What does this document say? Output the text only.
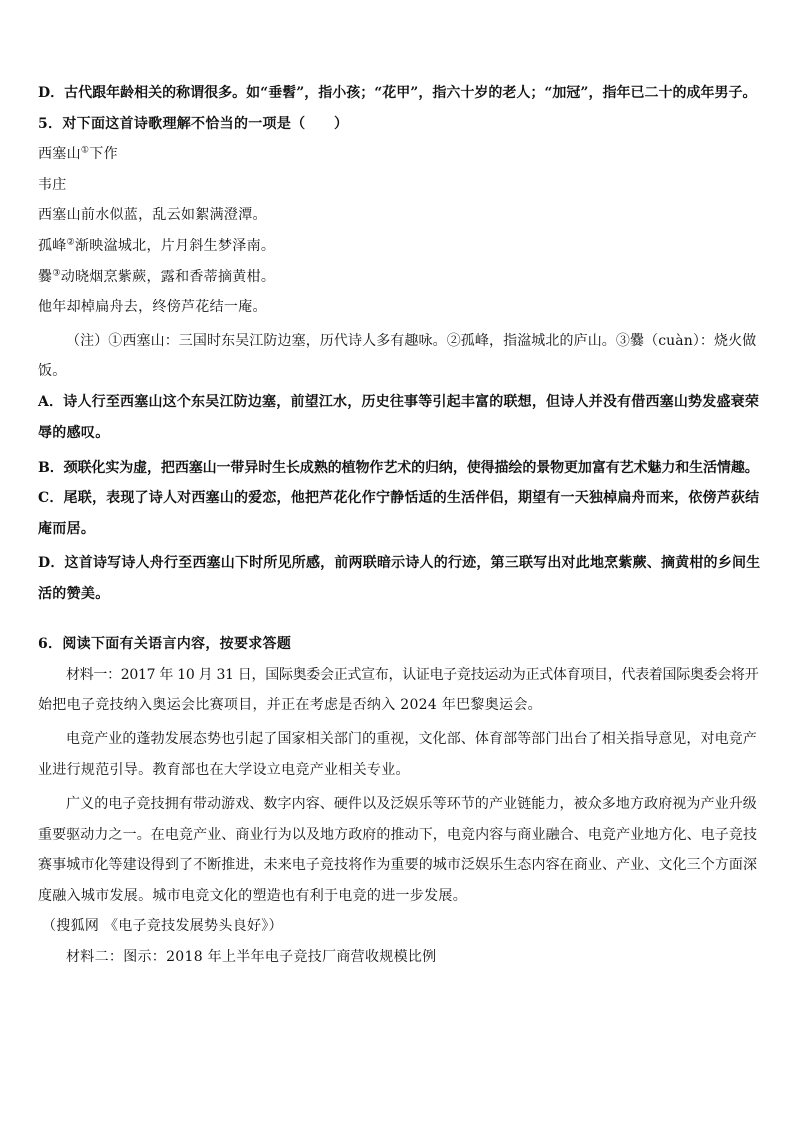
D．古代跟年龄相关的称谓很多。如“垂髫”，指小孩；“花甲”，指六十岁的老人；“加冠”，指年已二十的成年男子。
5．对下面这首诗歌理解不恰当的一项是（　　）
西塞山①下作
韦庄
西塞山前水似蓝，乱云如絮满澄潭。
孤峰②渐映湓城北，片月斜生梦泽南。
爨③动晓烟烹紫蕨，露和香蒂摘黄柑。
他年却棹扁舟去，终傍芦花结一庵。
（注）①西塞山：三国时东吴江防边塞，历代诗人多有趣咏。②孤峰，指湓城北的庐山。③爨（cuàn）：烧火做
饭。
A．诗人行至西塞山这个东吴江防边塞，前望江水，历史往事等引起丰富的联想，但诗人并没有借西塞山势发盛衰荣
辱的感叹。
B．颈联化实为虚，把西塞山一带异时生长成熟的植物作艺术的归纳，使得描绘的景物更加富有艺术魅力和生活情趣。
C．尾联，表现了诗人对西塞山的爱恋，他把芦花化作宁静恬适的生活伴侣，期望有一天独棹扁舟而来，依傍芦荻结
庵而居。
D．这首诗写诗人舟行至西塞山下时所见所感，前两联暗示诗人的行迹，第三联写出对此地烹紫蕨、摘黄柑的乡间生
活的赞美。
6．阅读下面有关语言内容，按要求答题
材料一：2017 年 10 月 31 日，国际奥委会正式宣布，认证电子竞技运动为正式体育项目，代表着国际奥委会将开
始把电子竞技纳入奥运会比赛项目，并正在考虑是否纳入 2024 年巴黎奥运会。
电竞产业的蓬勃发展态势也引起了国家相关部门的重视，文化部、体育部等部门出台了相关指导意见，对电竞产
业进行规范引导。教育部也在大学设立电竞产业相关专业。
广义的电子竞技拥有带动游戏、数字内容、硬件以及泛娱乐等环节的产业链能力，被众多地方政府视为产业升级
重要驱动力之一。在电竞产业、商业行为以及地方政府的推动下，电竞内容与商业融合、电竞产业地方化、电子竞技
赛事城市化等建设得到了不断推进，未来电子竞技将作为重要的城市泛娱乐生态内容在商业、产业、文化三个方面深
度融入城市发展。城市电竞文化的塑造也有利于电竞的进一步发展。
（搜狐网 《电子竞技发展势头良好》）
材料二：图示：2018 年上半年电子竞技厂商营收规模比例
